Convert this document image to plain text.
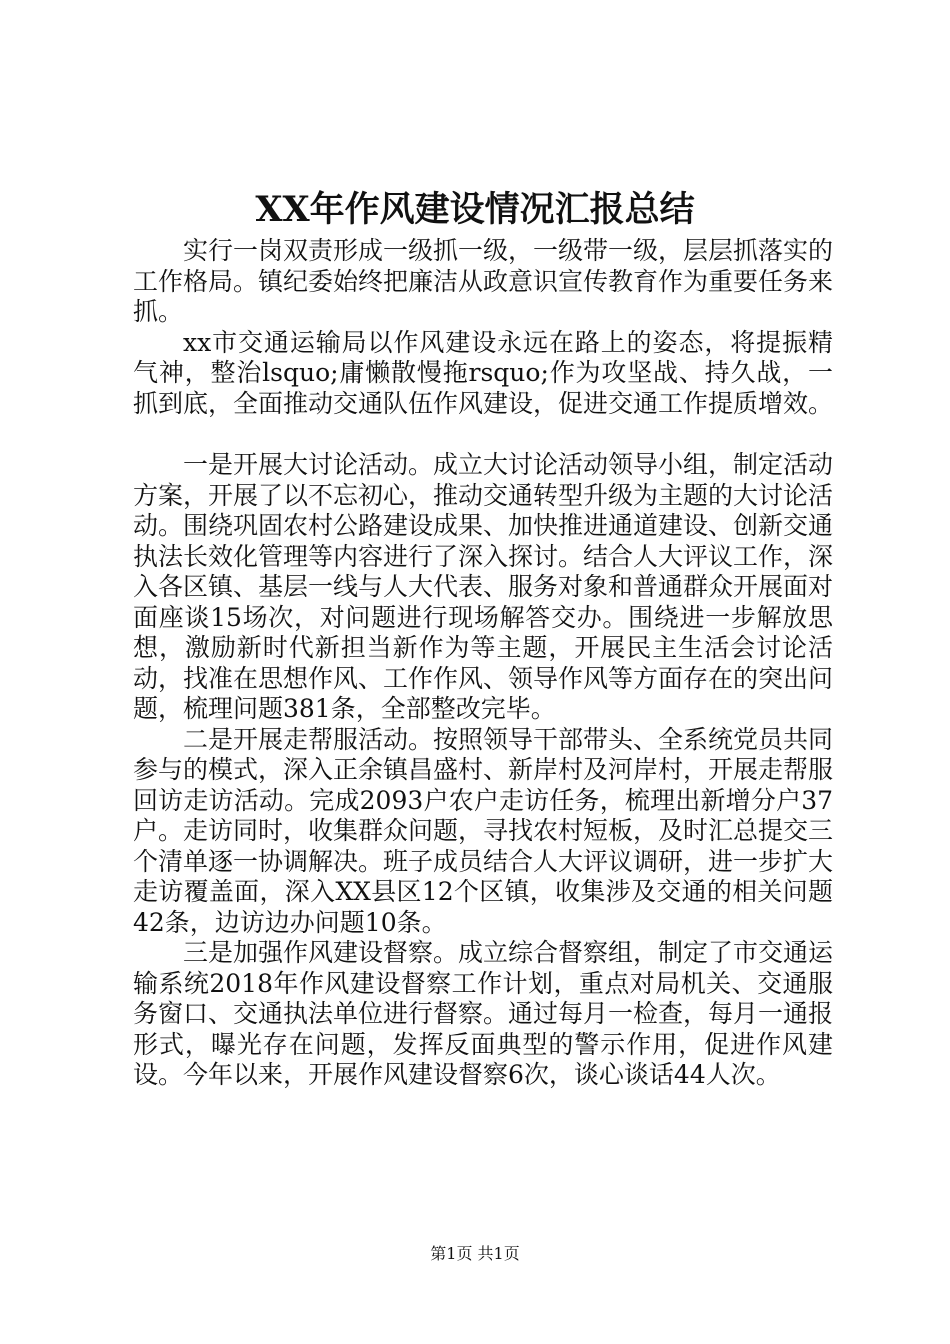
XX年作风建设情况汇报总结

实行一岗双责形成一级抓一级，一级带一级，层层抓落实的工作格局。镇纪委始终把廉洁从政意识宣传教育作为重要任务来抓。

xx市交通运输局以作风建设永远在路上的姿态，将提振精气神，整治lsquo;庸懒散慢拖rsquo;作为攻坚战、持久战，一抓到底，全面推动交通队伍作风建设，促进交通工作提质增效。

一是开展大讨论活动。成立大讨论活动领导小组，制定活动方案，开展了以不忘初心，推动交通转型升级为主题的大讨论活动。围绕巩固农村公路建设成果、加快推进通道建设、创新交通执法长效化管理等内容进行了深入探讨。结合人大评议工作，深入各区镇、基层一线与人大代表、服务对象和普通群众开展面对面座谈15场次，对问题进行现场解答交办。围绕进一步解放思想，激励新时代新担当新作为等主题，开展民主生活会讨论活动，找准在思想作风、工作作风、领导作风等方面存在的突出问题，梳理问题381条，全部整改完毕。

二是开展走帮服活动。按照领导干部带头、全系统党员共同参与的模式，深入正余镇昌盛村、新岸村及河岸村，开展走帮服回访走访活动。完成2093户农户走访任务，梳理出新增分户37户。走访同时，收集群众问题，寻找农村短板，及时汇总提交三个清单逐一协调解决。班子成员结合人大评议调研，进一步扩大走访覆盖面，深入XX县区12个区镇，收集涉及交通的相关问题42条，边访边办问题10条。

三是加强作风建设督察。成立综合督察组，制定了市交通运输系统2018年作风建设督察工作计划，重点对局机关、交通服务窗口、交通执法单位进行督察。通过每月一检查，每月一通报形式，曝光存在问题，发挥反面典型的警示作用，促进作风建设。今年以来，开展作风建设督察6次，谈心谈话44人次。

第1页 共1页
